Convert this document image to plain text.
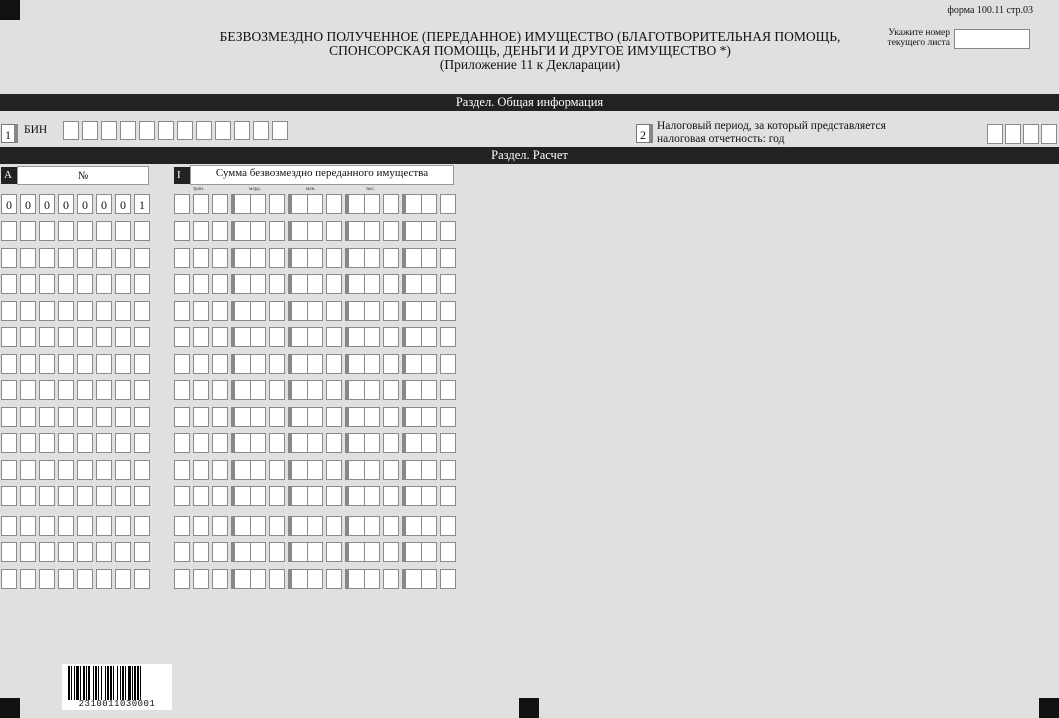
форма 100.11 стр.03
БЕЗВОЗМЕЗДНО ПОЛУЧЕННОЕ (ПЕРЕДАННОЕ) ИМУЩЕСТВО (БЛАГОТВОРИТЕЛЬНАЯ ПОМОЩЬ,
СПОНСОРСКАЯ ПОМОЩЬ, ДЕНЬГИ И ДРУГОЕ ИМУЩЕСТВО *)
(Приложение 11 к Декларации)
Укажите номер
текущего листа
Раздел. Общая информация
1	БИН	2
Налоговый период, за который представляется
налоговая отчетность: год
Раздел. Расчет
A	№	I	Сумма безвозмездно переданного имущества
трлн.	млрд.	млн.	тыс.
0	0	0	0	0	0	0	1
2310011030001
